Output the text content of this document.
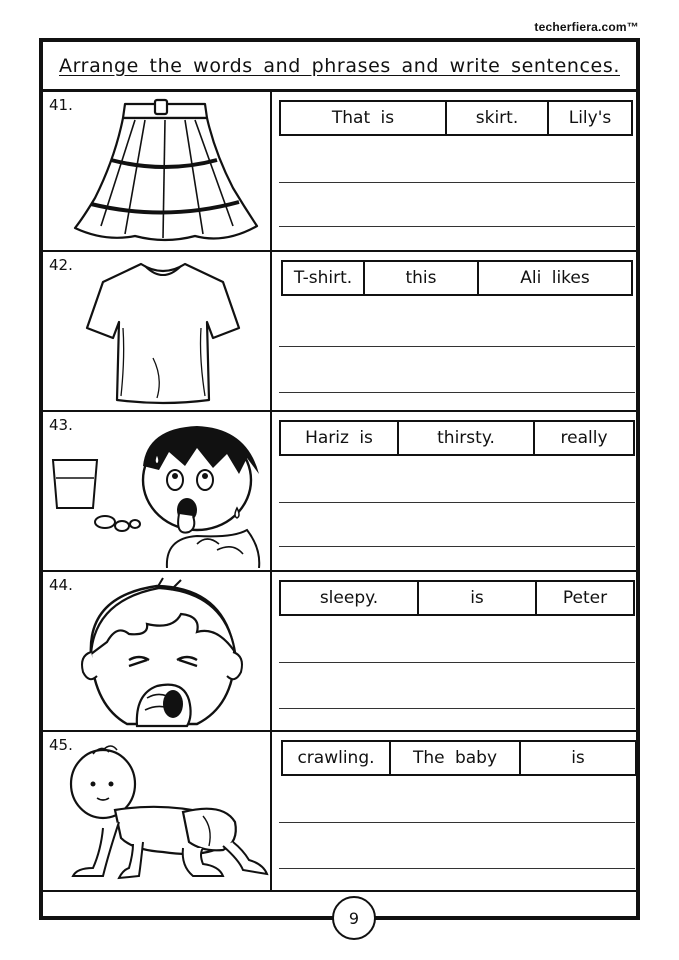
techerfiera.com™
Arrange the words and phrases and write sentences.
41.
That is	skirt.	Lily's
42.
T-shirt.	this	Ali likes
43.
Hariz is	thirsty.	really
44.
sleepy.	is	Peter
45.
crawling.	The baby	is
9
